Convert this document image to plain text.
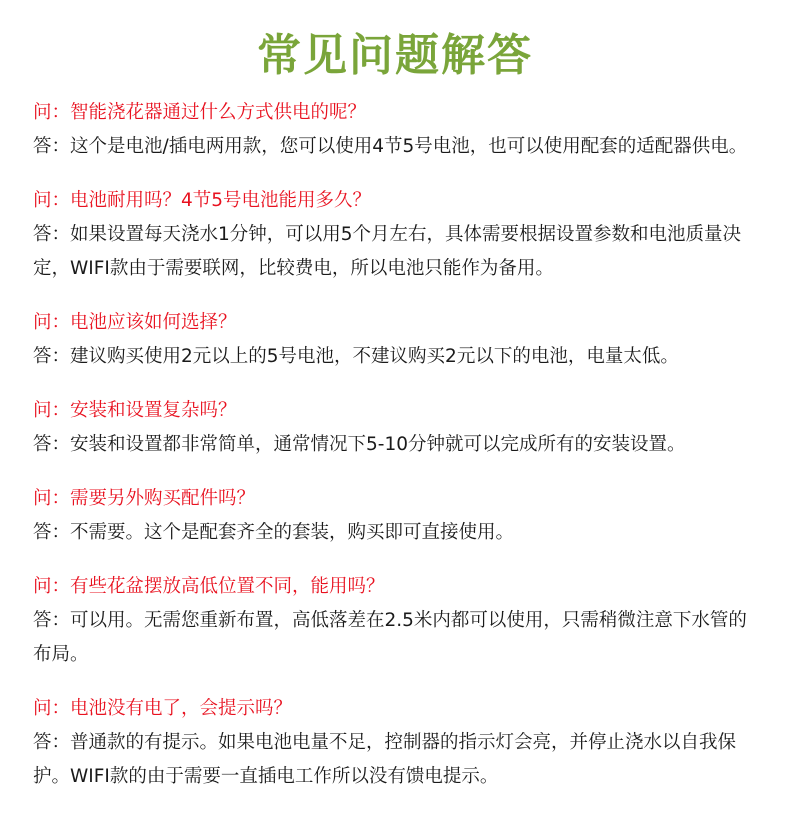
常见问题解答

问：智能浇花器通过什么方式供电的呢？

答：这个是电池/插电两用款，您可以使用4节5号电池，也可以使用配套的适配器供电。

问：电池耐用吗？4节5号电池能用多久？

答：如果设置每天浇水1分钟，可以用5个月左右，具体需要根据设置参数和电池质量决定，WIFI款由于需要联网，比较费电，所以电池只能作为备用。

问：电池应该如何选择？

答：建议购买使用2元以上的5号电池，不建议购买2元以下的电池，电量太低。

问：安装和设置复杂吗？

答：安装和设置都非常简单，通常情况下5-10分钟就可以完成所有的安装设置。

问：需要另外购买配件吗？

答：不需要。这个是配套齐全的套装，购买即可直接使用。

问：有些花盆摆放高低位置不同，能用吗？

答：可以用。无需您重新布置，高低落差在2.5米内都可以使用，只需稍微注意下水管的布局。

问：电池没有电了，会提示吗？

答：普通款的有提示。如果电池电量不足，控制器的指示灯会亮，并停止浇水以自我保护。WIFI款的由于需要一直插电工作所以没有馈电提示。
